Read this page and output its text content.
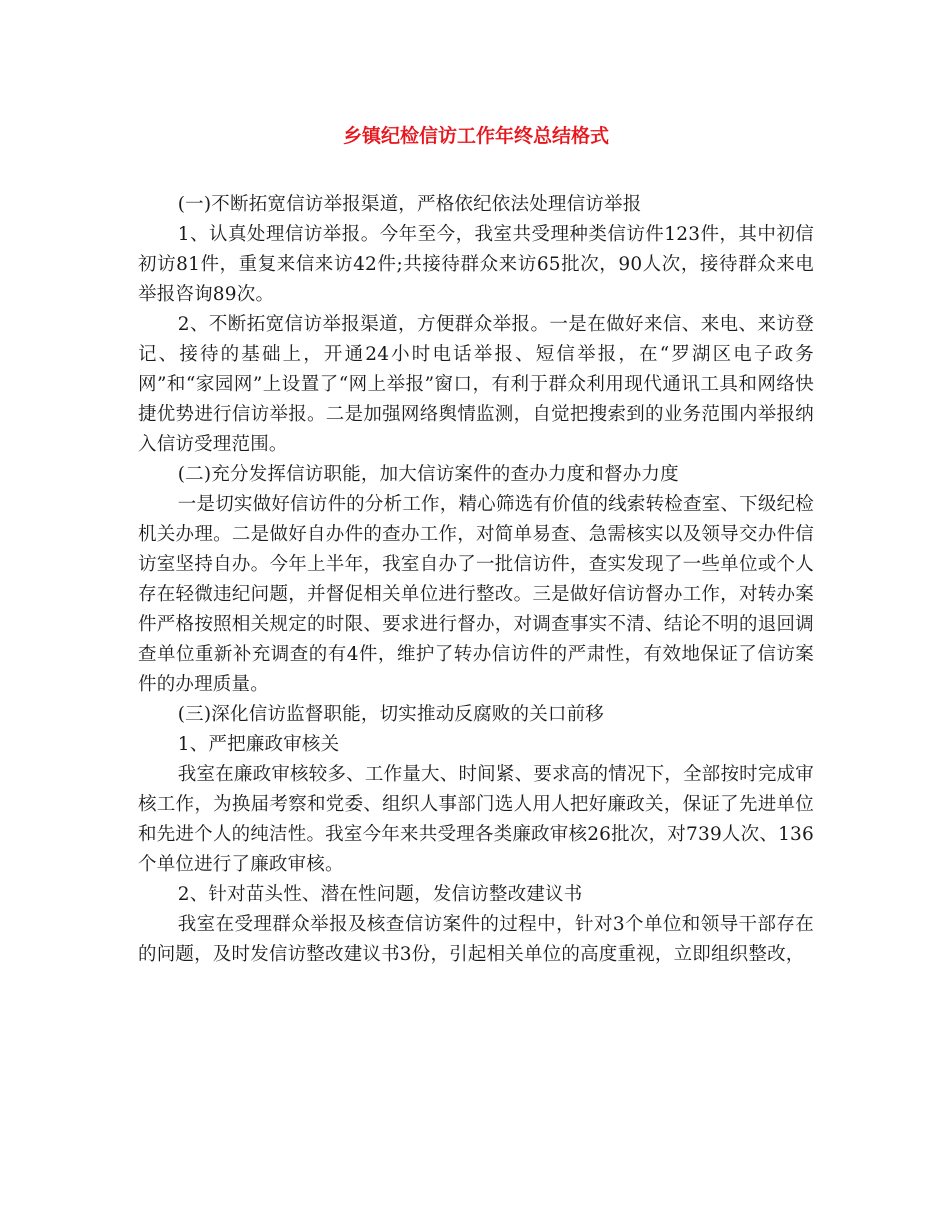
乡镇纪检信访工作年终总结格式

(一)不断拓宽信访举报渠道，严格依纪依法处理信访举报

1、认真处理信访举报。今年至今，我室共受理种类信访件123件，其中初信初访81件，重复来信来访42件;共接待群众来访65批次，90人次，接待群众来电举报咨询89次。

2、不断拓宽信访举报渠道，方便群众举报。一是在做好来信、来电、来访登记、接待的基础上，开通24小时电话举报、短信举报，在“罗湖区电子政务网”和“家园网”上设置了“网上举报”窗口，有利于群众利用现代通讯工具和网络快捷优势进行信访举报。二是加强网络舆情监测，自觉把搜索到的业务范围内举报纳入信访受理范围。

(二)充分发挥信访职能，加大信访案件的查办力度和督办力度

一是切实做好信访件的分析工作，精心筛选有价值的线索转检查室、下级纪检机关办理。二是做好自办件的查办工作，对简单易查、急需核实以及领导交办件信访室坚持自办。今年上半年，我室自办了一批信访件，查实发现了一些单位或个人存在轻微违纪问题，并督促相关单位进行整改。三是做好信访督办工作，对转办案件严格按照相关规定的时限、要求进行督办，对调查事实不清、结论不明的退回调查单位重新补充调查的有4件，维护了转办信访件的严肃性，有效地保证了信访案件的办理质量。

(三)深化信访监督职能，切实推动反腐败的关口前移

1、严把廉政审核关

我室在廉政审核较多、工作量大、时间紧、要求高的情况下，全部按时完成审核工作，为换届考察和党委、组织人事部门选人用人把好廉政关，保证了先进单位和先进个人的纯洁性。我室今年来共受理各类廉政审核26批次，对739人次、136个单位进行了廉政审核。

2、针对苗头性、潜在性问题，发信访整改建议书

我室在受理群众举报及核查信访案件的过程中，针对3个单位和领导干部存在的问题，及时发信访整改建议书3份，引起相关单位的高度重视，立即组织整改，
